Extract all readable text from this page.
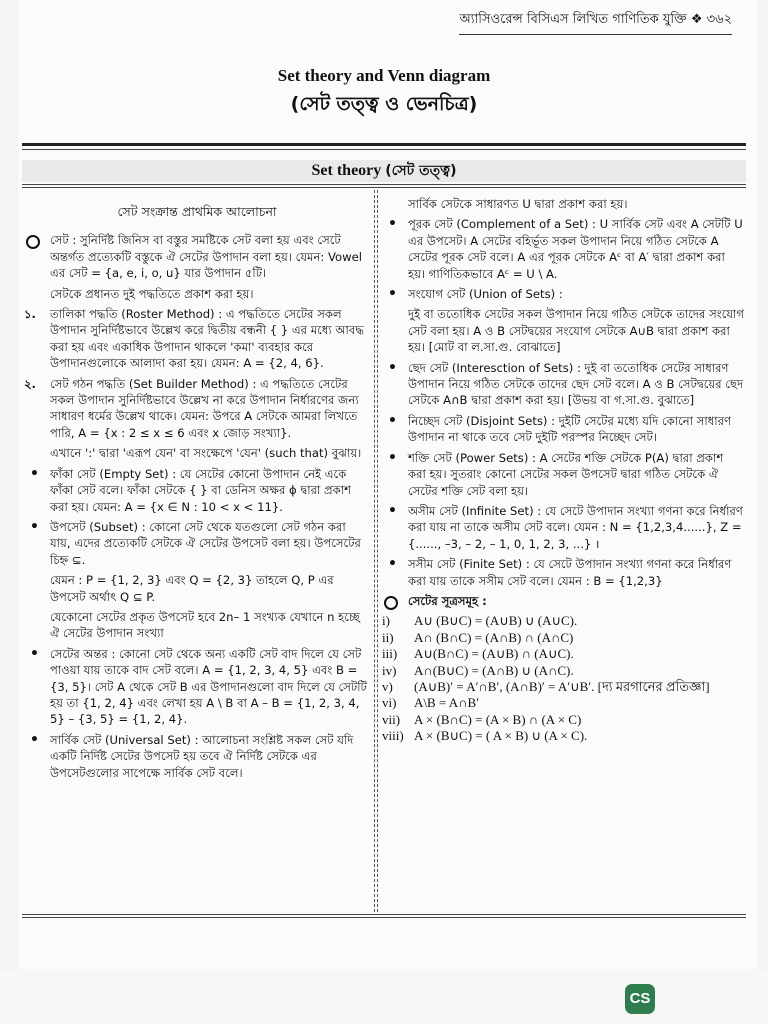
অ্যাসিওরেন্স বিসিএস লিখিত গাণিতিক যুক্তি ❖ ৩৬২
Set theory and Venn diagram
(সেট তত্ত্ব ও ভেনচিত্র)
Set theory (সেট তত্ত্ব)
সেট সংক্রান্ত প্রাথমিক আলোচনা

সেট : সুনির্দিষ্ট জিনিস বা বস্তুর সমষ্টিকে সেট বলা হয় এবং সেটে অন্তর্গত প্রত্যেকটি বস্তুকে ঐ সেটের উপাদান বলা হয়। যেমন: Vowel এর সেট = {a, e, i, o, u} যার উপাদান ৫টি।

সেটকে প্রধানত দুই পদ্ধতিতে প্রকাশ করা হয়।

১.	তালিকা পদ্ধতি (Roster Method) : এ পদ্ধতিতে সেটের সকল উপাদান সুনির্দিষ্টভাবে উল্লেখ করে দ্বিতীয় বন্ধনী { } এর মধ্যে আবদ্ধ করা হয় এবং একাধিক উপাদান থাকলে 'কমা' ব্যবহার করে উপাদানগুলোকে আলাদা করা হয়। যেমন: A = {2, 4, 6}.

২.	সেট গঠন পদ্ধতি (Set Builder Method) : এ পদ্ধতিতে সেটের সকল উপাদান সুনির্দিষ্টভাবে উল্লেখ না করে উপাদান নির্ধারণের জন্য সাধারণ ধর্মের উল্লেখ থাকে। যেমন: উপরে A সেটকে আমরা লিখতে পারি, A = {x : 2 ≤ x ≤ 6 এবং x জোড় সংখ্যা}.

এখানে ':' দ্বারা 'এরূপ যেন' বা সংক্ষেপে 'যেন' (such that) বুঝায়।

• ফাঁকা সেট (Empty Set) : যে সেটের কোনো উপাদান নেই একে ফাঁকা সেট বলে। ফাঁকা সেটকে { } বা ডেনিস অক্ষর ϕ দ্বারা প্রকাশ করা হয়। যেমন: A = {x ∈ N : 10 < x < 11}.

• উপসেট (Subset) : কোনো সেট থেকে যতগুলো সেট গঠন করা যায়, এদের প্রত্যেকটি সেটকে ঐ সেটের উপসেট বলা হয়। উপসেটের চিহ্ন ⊆.

যেমন : P = {1, 2, 3} এবং Q = {2, 3} তাহলে Q, P এর উপসেট অর্থাৎ Q ⊆ P.

যেকোনো সেটের প্রকৃত উপসেট হবে 2n– 1 সংখ্যক যেখানে n হচ্ছে ঐ সেটের উপাদান সংখ্যা

• সেটের অন্তর : কোনো সেট থেকে অন্য একটি সেট বাদ দিলে যে সেট পাওয়া যায় তাকে বাদ সেট বলে। A = {1, 2, 3, 4, 5} এবং B = {3, 5}। সেট A থেকে সেট B এর উপাদানগুলো বাদ দিলে যে সেটটি হয় তা {1, 2, 4} এবং লেখা হয় A \ B বা A – B = {1, 2, 3, 4, 5} – {3, 5} = {1, 2, 4}.

• সার্বিক সেট (Universal Set) : আলোচনা সংশ্লিষ্ট সকল সেট যদি একটি নির্দিষ্ট সেটের উপসেট হয় তবে ঐ নির্দিষ্ট সেটকে এর উপসেটগুলোর সাপেক্ষে সার্বিক সেট বলে।

সার্বিক সেটকে সাধারণত U দ্বারা প্রকাশ করা হয়।

• পূরক সেট (Complement of a Set) : U সার্বিক সেট এবং A সেটটি U এর উপসেট। A সেটের বহির্ভূত সকল উপাদান নিয়ে গঠিত সেটকে A সেটের পূরক সেট বলে। A এর পূরক সেটকে Aᶜ বা A′ দ্বারা প্রকাশ করা হয়। গাণিতিকভাবে Aᶜ = U \ A.

• সংযোগ সেট (Union of Sets) :

দুই বা ততোধিক সেটের সকল উপাদান নিয়ে গঠিত সেটকে তাদের সংযোগ সেট বলা হয়। A ও B সেটদ্বয়ের সংযোগ সেটকে A∪B দ্বারা প্রকাশ করা হয়। [মোট বা ল.সা.গু. বোঝাতে]

• ছেদ সেট (Interesction of Sets) : দুই বা ততোধিক সেটের সাধারণ উপাদান নিয়ে গঠিত সেটকে তাদের ছেদ সেট বলে। A ও B সেটদ্বয়ের ছেদ সেটকে A∩B দ্বারা প্রকাশ করা হয়। [উভয় বা গ.সা.গু. বুঝাতে]

• নিচ্ছেদ সেট (Disjoint Sets) : দুইটি সেটের মধ্যে যদি কোনো সাধারণ উপাদান না থাকে তবে সেট দুইটি পরস্পর নিচ্ছেদ সেট।

• শক্তি সেট (Power Sets) : A সেটের শক্তি সেটকে P(A) দ্বারা প্রকাশ করা হয়। সুতরাং কোনো সেটের সকল উপসেট দ্বারা গঠিত সেটকে ঐ সেটের শক্তি সেট বলা হয়।

• অসীম সেট (Infinite Set) : যে সেটে উপাদান সংখ্যা গণনা করে নির্ধারণ করা যায় না তাকে অসীম সেট বলে। যেমন : N = {1,2,3,4......}, Z = {......, –3, – 2, – 1, 0, 1, 2, 3, ...} ।

• সসীম সেট (Finite Set) : যে সেটে উপাদান সংখ্যা গণনা করে নির্ধারণ করা যায় তাকে সসীম সেট বলে। যেমন : B = {1,2,3}

সেটের সূত্রসমূহ :
i)	A∪ (B∪C) = (A∪B) ∪ (A∪C).
ii)	A∩ (B∩C) = (A∩B) ∩ (A∩C)
iii)	A∪(B∩C) = (A∪B) ∩ (A∪C).
iv)	A∩(B∪C) = (A∩B) ∪ (A∩C).
v)	(A∪B)′ = A′∩B′, (A∩B)′ = A′∪B′. [দ্য মরগানের প্রতিজ্ঞা]
vi)	A\B = A∩B′
vii)	A × (B∩C) = (A × B) ∩ (A × C)
viii) A × (B∪C) = ( A × B) ∪ (A × C).
CS
